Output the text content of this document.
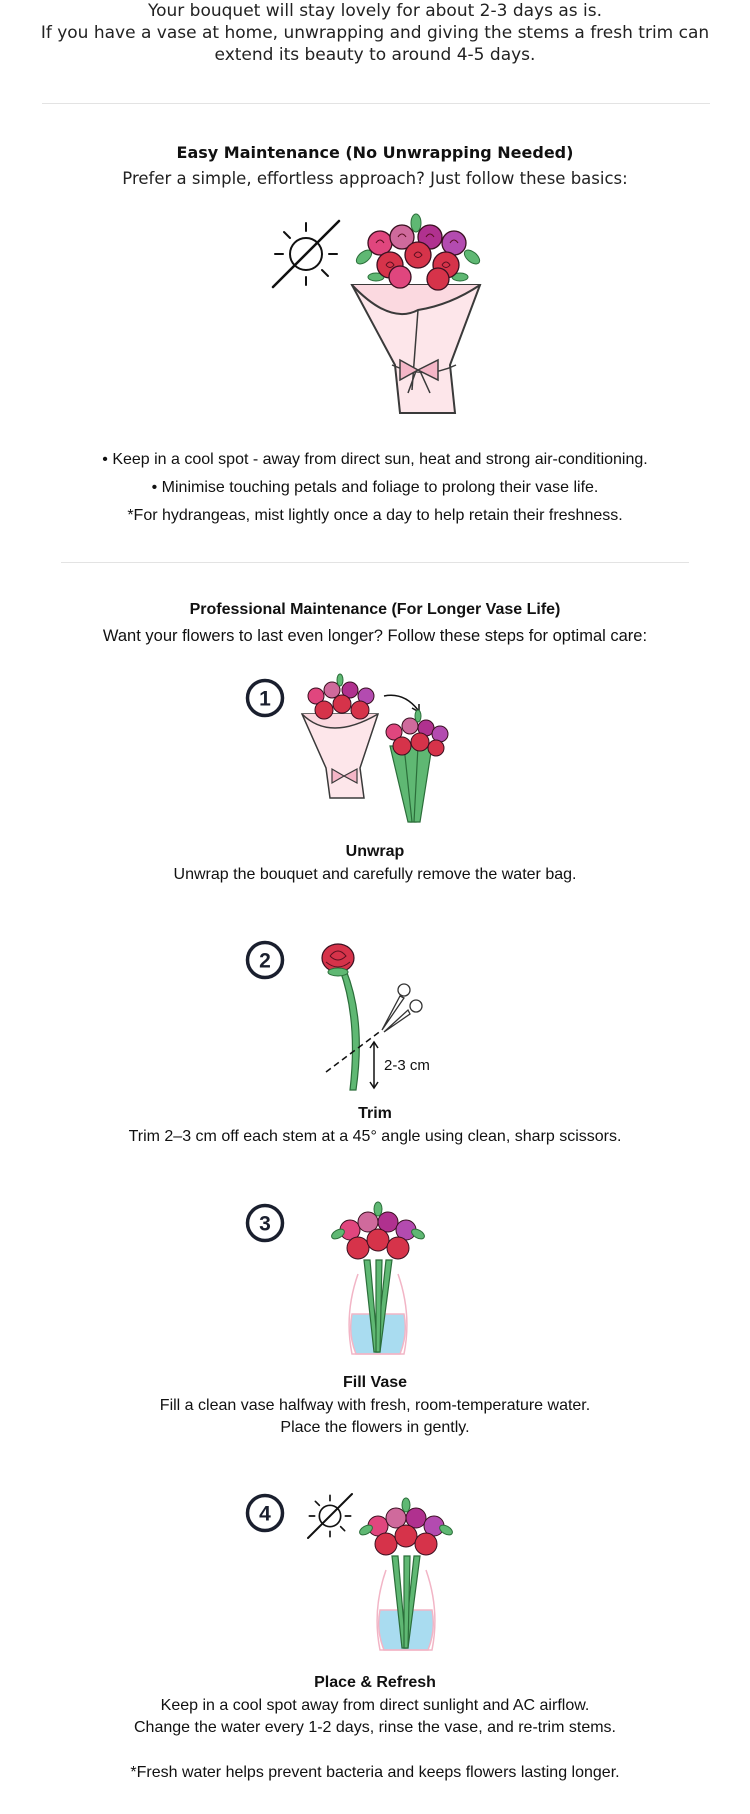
Your bouquet will stay lovely for about 2-3 days as is.

If you have a vase at home, unwrapping and giving the stems a fresh trim can

extend its beauty to around 4-5 days.

Easy Maintenance (No Unwrapping Needed)
Prefer a simple, effortless approach? Just follow these basics:
• Keep in a cool spot - away from direct sun, heat and strong air-conditioning.
• Minimise touching petals and foliage to prolong their vase life.
*For hydrangeas, mist lightly once a day to help retain their freshness.
Professional Maintenance (For Longer Vase Life)
Want your flowers to last even longer? Follow these steps for optimal care:
1
Unwrap
Unwrap the bouquet and carefully remove the water bag.
2
2-3 cm
Trim
Trim 2–3 cm off each stem at a 45° angle using clean, sharp scissors.
3
Fill Vase
Fill a clean vase halfway with fresh, room-temperature water.
Place the flowers in gently.
4
Place & Refresh
Keep in a cool spot away from direct sunlight and AC airflow.
Change the water every 1-2 days, rinse the vase, and re-trim stems.
*Fresh water helps prevent bacteria and keeps flowers lasting longer.
